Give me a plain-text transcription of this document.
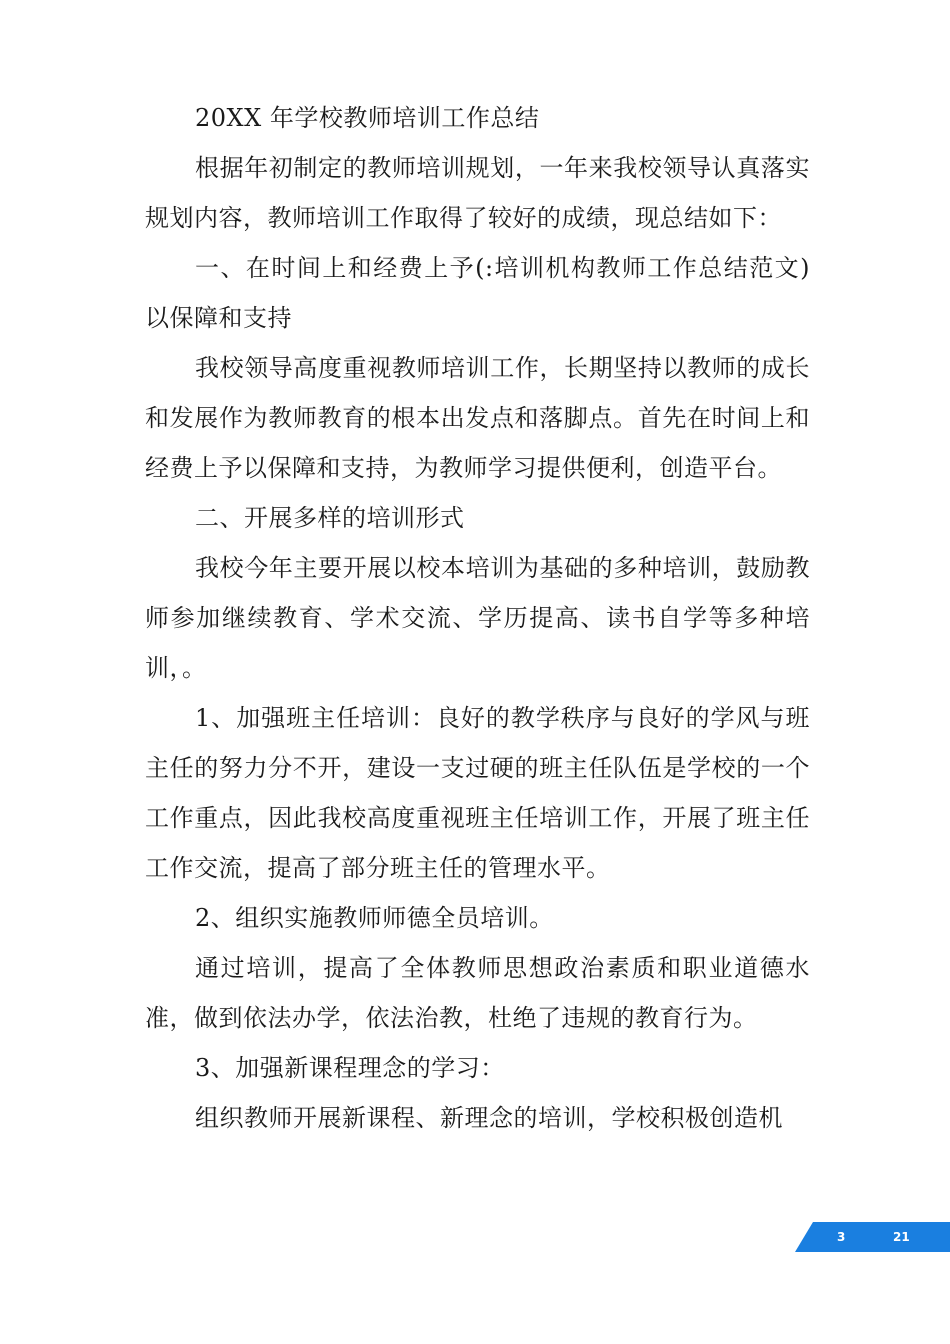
20XX 年学校教师培训工作总结

根据年初制定的教师培训规划，一年来我校领导认真落实规划内容，教师培训工作取得了较好的成绩，现总结如下：

一、在时间上和经费上予(:培训机构教师工作总结范文)以保障和支持

我校领导高度重视教师培训工作，长期坚持以教师的成长和发展作为教师教育的根本出发点和落脚点。首先在时间上和经费上予以保障和支持，为教师学习提供便利，创造平台。

二、开展多样的培训形式

我校今年主要开展以校本培训为基础的多种培训，鼓励教师参加继续教育、学术交流、学历提高、读书自学等多种培训，。

1、加强班主任培训：良好的教学秩序与良好的学风与班主任的努力分不开，建设一支过硬的班主任队伍是学校的一个工作重点，因此我校高度重视班主任培训工作，开展了班主任工作交流，提高了部分班主任的管理水平。

2、组织实施教师师德全员培训。

通过培训，提高了全体教师思想政治素质和职业道德水准，做到依法办学，依法治教，杜绝了违规的教育行为。

3、加强新课程理念的学习：

组织教师开展新课程、新理念的培训，学校积极创造机

3	21
